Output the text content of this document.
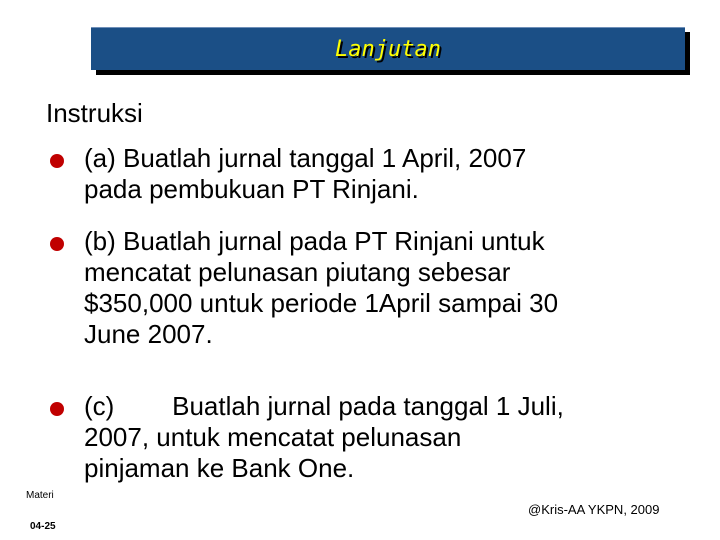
Lanjutan
Instruksi
(a) Buatlah jurnal tanggal 1 April, 2007
pada pembukuan PT Rinjani.
(b) Buatlah jurnal pada PT Rinjani untuk
mencatat pelunasan piutang sebesar
$350,000 untuk periode 1April sampai 30
June 2007.
(c)        Buatlah jurnal pada tanggal 1 Juli,
2007, untuk mencatat pelunasan
pinjaman ke Bank One.
Materi
04-25
@Kris-AA YKPN, 2009
